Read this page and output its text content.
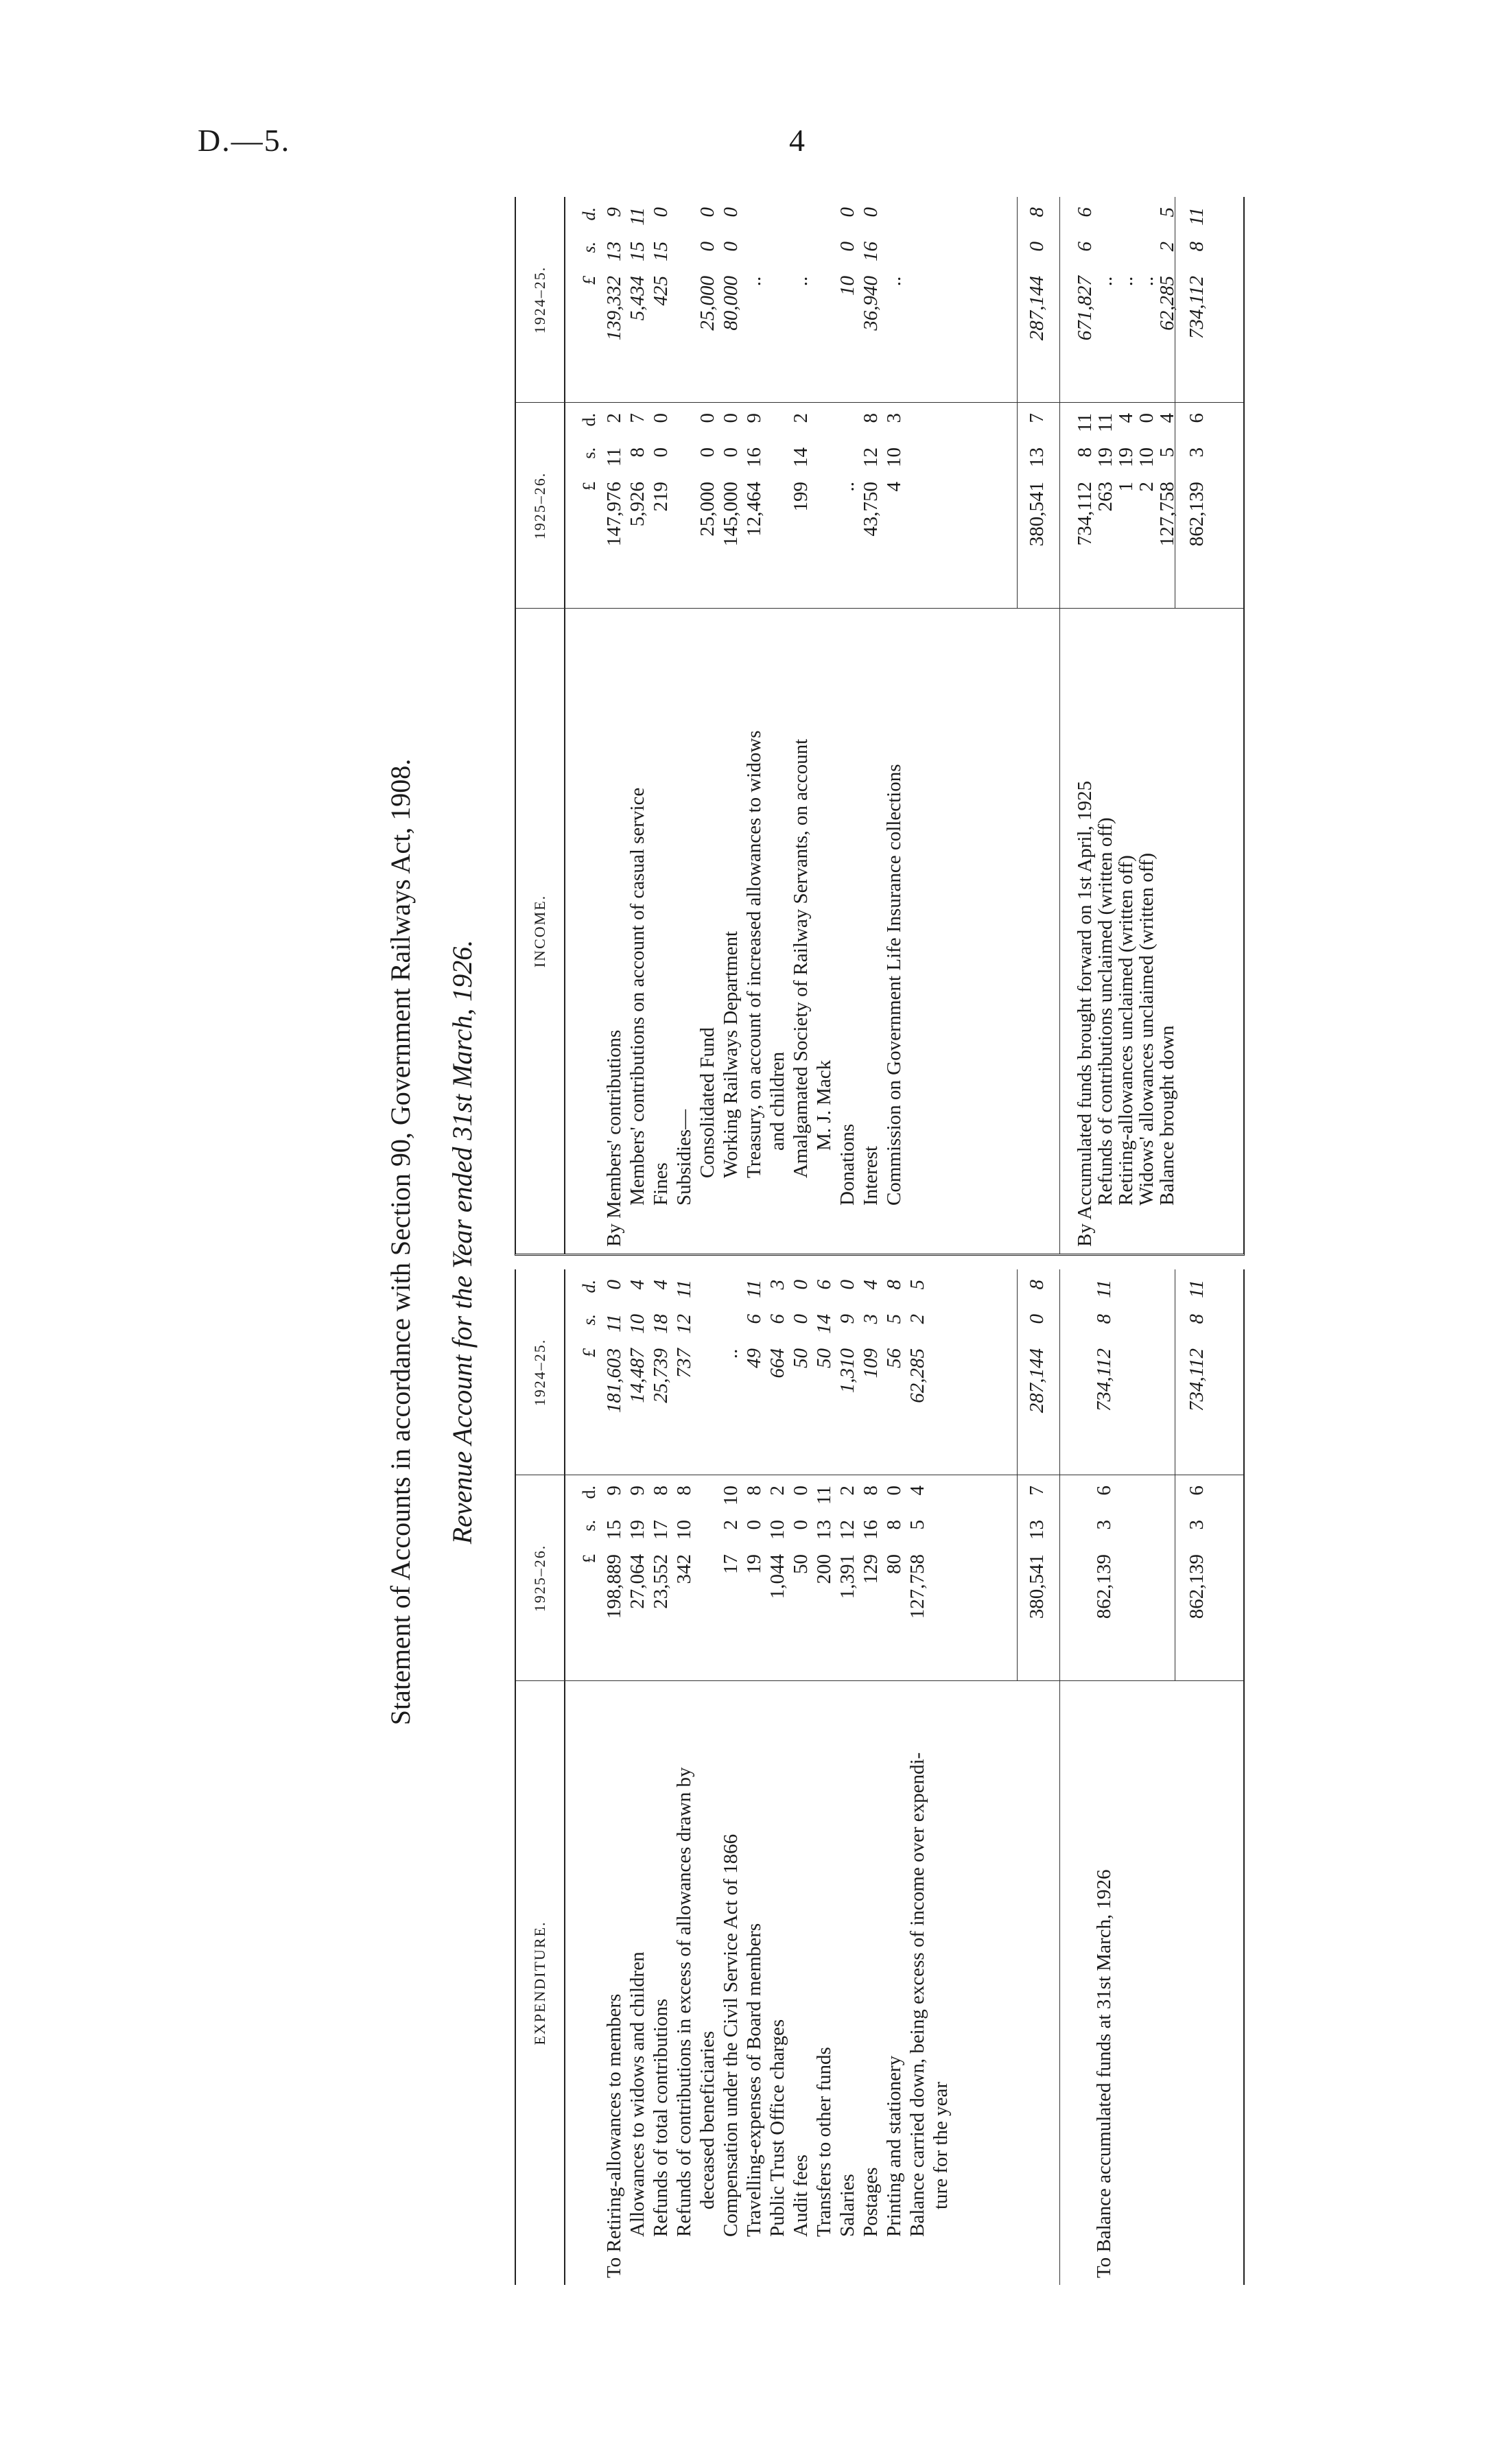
D.—5.	4
Statement of Accounts in accordance with Section 90, Government Railways Act, 1908. Revenue Account for the Year ended 31st March, 1926.
EXPENDITURE.
1925–26.
1924–25.
£
s.
d.
£
s.
d.
To Retiring-allowances to members
198,889
15
9
181,603
11
0
Allowances to widows and children
27,064
19
9
14,487
10
4
Refunds of total contributions
23,552
17
8
25,739
18
4
Refunds of contributions in excess of allowances drawn by
342
10
8
737
12
11
deceased beneficiaries Compensation under the Civil Service Act of 1866
17
2
10
..
Travelling-expenses of Board members
19
0
8
49
6
11
Public Trust Office charges
1,044
10
2
664
6
3
Audit fees
50
0
0
50
0
0
Transfers to other funds
200
13
11
50
14
6
Salaries
1,391
12
2
1,310
9
0
Postages
129
16
8
109
3
4
Printing and stationery
80
8
0
56
5
8
Balance carried down, being excess of income over expendi-
127,758
5
4
62,285
2
5
ture for the year
380,541
13
7
287,144
0
8
To Balance accumulated funds at 31st March, 1926
862,139
3
6
734,112
8
11
862,139
3
6
734,112
8
11
INCOME.
1925–26.
1924–25.
£
s.
d.
£
s.
d.
By Members' contributions
147,976
11
2
139,332
13
9
Members' contributions on account of casual service
5,926
8
7
5,434
15
11
Fines
219
0
0
425
15
0
Subsidies— Consolidated Fund
25,000
0
0
25,000
0
0
Working Railways Department
145,000
0
0
80,000
0
0
Treasury, on account of increased allowances to widows
12,464
16
9
..
and children Amalgamated Society of Railway Servants, on account
199
14
2
..
M. J. Mack
Donations
..
10
0
0
Interest
43,750
12
8
36,940
16
0
Commission on Government Life Insurance collections
4
10
3
..
380,541
13
7
287,144
0
8
By Accumulated funds brought forward on 1st April, 1925
734,112
8
11
671,827
6
6
Refunds of contributions unclaimed (written off)
263
19
11
..
Retiring-allowances unclaimed (written off)
1
19
4
..
Widows' allowances unclaimed (written off)
2
10
0
..
Balance brought down
127,758
5
4
62,285
2
5
862,139
3
6
734,112
8
11
